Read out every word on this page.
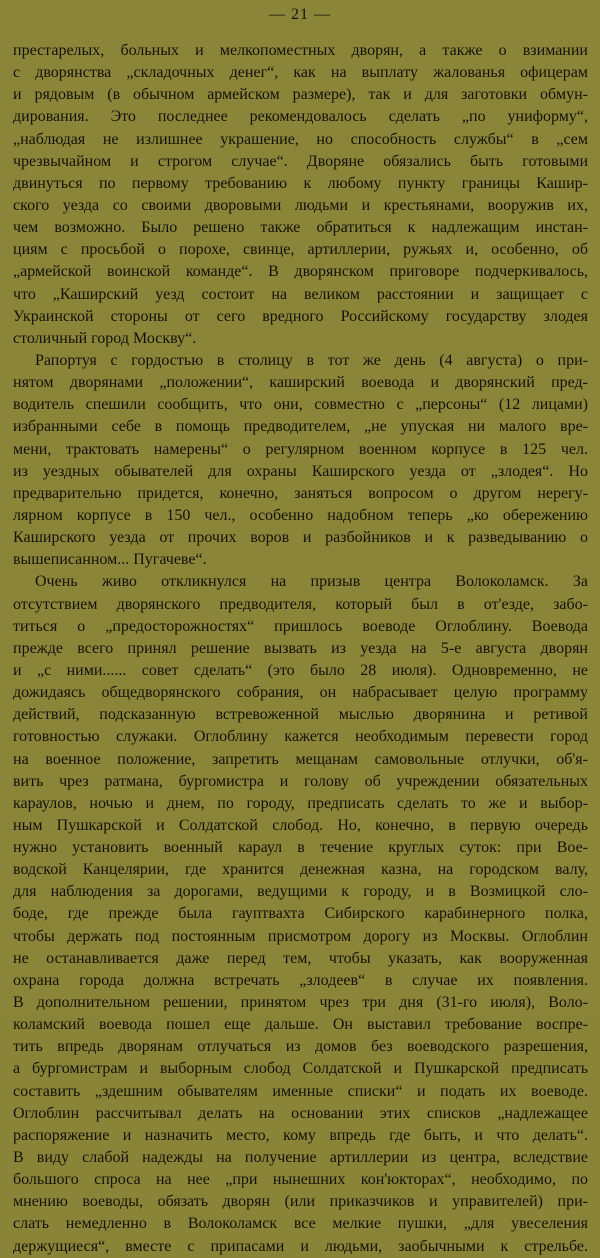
— 21 —
престарелых, больных и мелкопоместных дворян, а также о взимании
с дворянства „складочных денег“, как на выплату жалованья офицерам
и рядовым (в обычном армейском размере), так и для заготовки обмун-
дирования. Это последнее рекомендовалось сделать „по униформу“,
„наблюдая не излишнее украшение, но способность службы“ в „сем
чрезвычайном и строгом случае“. Дворяне обязались быть готовыми
двинуться по первому требованию к любому пункту границы Кашир-
ского уезда со своими дворовыми людьми и крестьянами, вооружив их,
чем возможно. Было решено также обратиться к надлежащим инстан-
циям с просьбой о порохе, свинце, артиллерии, ружьях и, особенно, об
„армейской воинской команде“. В дворянском приговоре подчеркивалось,
что „Каширский уезд состоит на великом расстоянии и защищает с
Украинской стороны от сего вредного Российскому государству злодея
столичный город Москву“.
Рапортуя с гордостью в столицу в тот же день (4 августа) о при-
нятом дворянами „положении“, каширский воевода и дворянский пред-
водитель спешили сообщить, что они, совместно с „персоны“ (12 лицами)
избранными себе в помощь предводителем, „не упуская ни малого вре-
мени, трактовать намерены“ о регулярном военном корпусе в 125 чел.
из уездных обывателей для охраны Каширского уезда от „злодея“. Но
предварительно придется, конечно, заняться вопросом о другом нерегу-
лярном корпусе в 150 чел., особенно надобном теперь „ко обережению
Каширского уезда от прочих воров и разбойников и к разведыванию о
вышеписанном... Пугачеве“.
Очень живо откликнулся на призыв центра Волоколамск. За
отсутствием дворянского предводителя, который был в от'езде, забо-
титься о „предосторожностях“ пришлось воеводе Оглоблину. Воевода
прежде всего принял решение вызвать из уезда на 5-е августа дворян
и „с ними...... совет сделать“ (это было 28 июля). Одновременно, не
дожидаясь общедворянского собрания, он набрасывает целую программу
действий, подсказанную встревоженной мыслью дворянина и ретивой
готовностью служаки. Оглоблину кажется необходимым перевести город
на военное положение, запретить мещанам самовольные отлучки, об'я-
вить чрез ратмана, бургомистра и голову об учреждении обязательных
караулов, ночью и днем, по городу, предписать сделать то же и выбор-
ным Пушкарской и Солдатской слобод. Но, конечно, в первую очередь
нужно установить военный караул в течение круглых суток: при Вое-
водской Канцелярии, где хранится денежная казна, на городском валу,
для наблюдения за дорогами, ведущими к городу, и в Возмицкой сло-
боде, где прежде была гауптвахта Сибирского карабинерного полка,
чтобы держать под постоянным присмотром дорогу из Москвы. Оглоблин
не останавливается даже перед тем, чтобы указать, как вооруженная
охрана города должна встречать „злодеев“ в случае их появления.
В дополнительном решении, принятом чрез три дня (31-го июля), Воло-
коламский воевода пошел еще дальше. Он выставил требование воспре-
тить впредь дворянам отлучаться из домов без воеводского разрешения,
а бургомистрам и выборным слобод Солдатской и Пушкарской предписать
составить „здешним обывателям именные списки“ и подать их воеводе.
Оглоблин рассчитывал делать на основании этих списков „надлежащее
распоряжение и назначить место, кому впредь где быть, и что делать“.
В виду слабой надежды на получение артиллерии из центра, вследствие
большого спроса на нее „при нынешних кон'юкторах“, необходимо, по
мнению воеводы, обязать дворян (или приказчиков и управителей) при-
слать немедленно в Волоколамск все мелкие пушки, „для увеселения
держущиеся“, вместе с припасами и людьми, заобычными к стрельбе.
